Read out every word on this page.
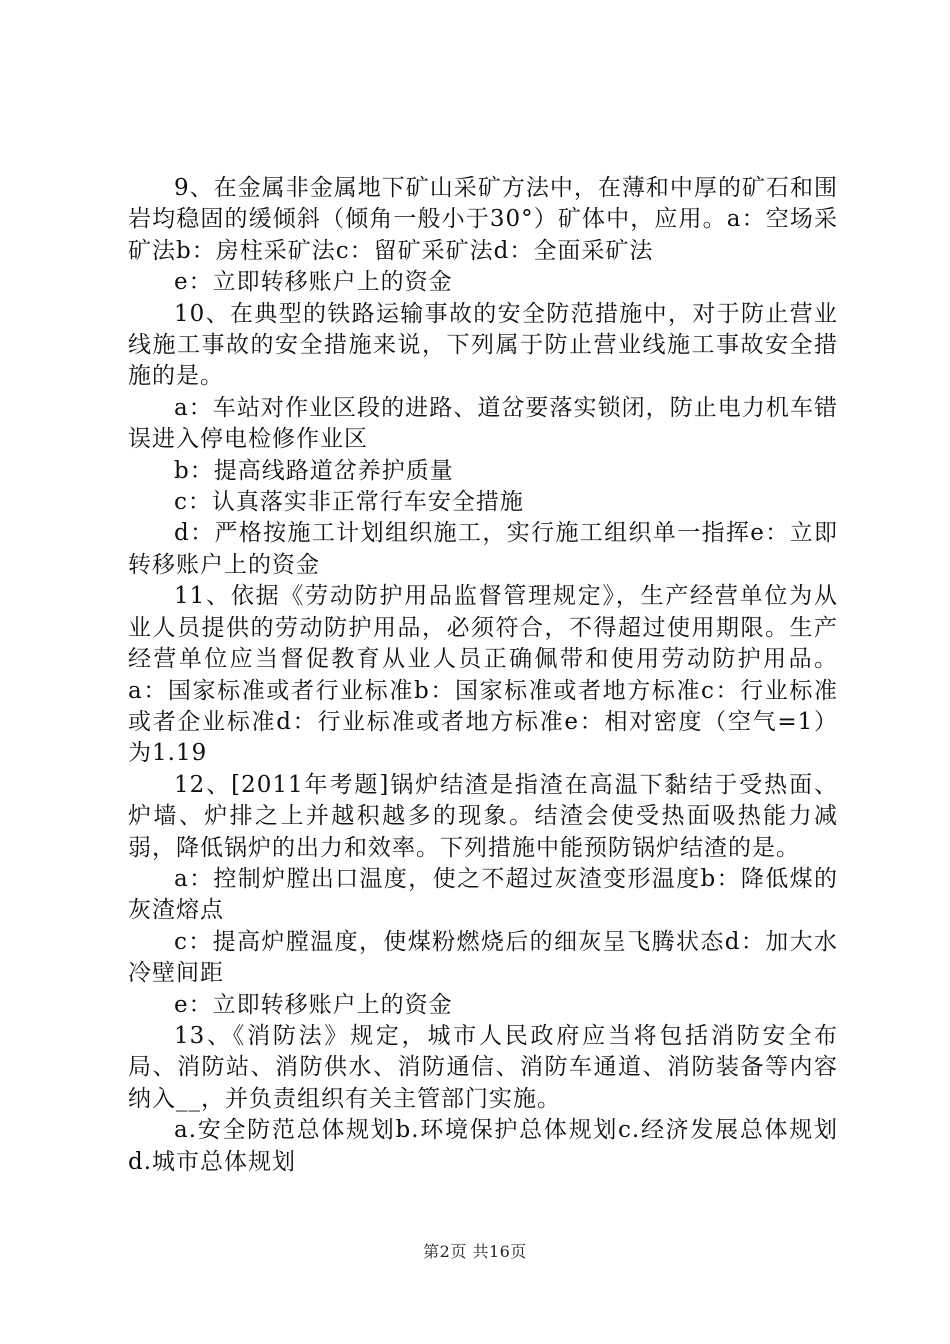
9、在金属非金属地下矿山采矿方法中，在薄和中厚的矿石和围岩均稳固的缓倾斜（倾角一般小于30°）矿体中，应用。a：空场采矿法b：房柱采矿法c：留矿采矿法d：全面采矿法

e：立即转移账户上的资金

10、在典型的铁路运输事故的安全防范措施中，对于防止营业线施工事故的安全措施来说，下列属于防止营业线施工事故安全措施的是。

a：车站对作业区段的进路、道岔要落实锁闭，防止电力机车错误进入停电检修作业区

b：提高线路道岔养护质量

c：认真落实非正常行车安全措施

d：严格按施工计划组织施工，实行施工组织单一指挥e：立即转移账户上的资金

11、依据《劳动防护用品监督管理规定》，生产经营单位为从业人员提供的劳动防护用品，必须符合，不得超过使用期限。生产经营单位应当督促教育从业人员正确佩带和使用劳动防护用品。a：国家标准或者行业标准b：国家标准或者地方标准c：行业标准或者企业标准d：行业标准或者地方标准e：相对密度（空气=1）为1.19

12、[2011年考题]锅炉结渣是指渣在高温下黏结于受热面、炉墙、炉排之上并越积越多的现象。结渣会使受热面吸热能力减弱，降低锅炉的出力和效率。下列措施中能预防锅炉结渣的是。

a：控制炉膛出口温度，使之不超过灰渣变形温度b：降低煤的灰渣熔点

c：提高炉膛温度，使煤粉燃烧后的细灰呈飞腾状态d：加大水冷壁间距

e：立即转移账户上的资金

13、《消防法》规定，城市人民政府应当将包括消防安全布局、消防站、消防供水、消防通信、消防车通道、消防装备等内容纳入__，并负责组织有关主管部门实施。

a.安全防范总体规划b.环境保护总体规划c.经济发展总体规划d.城市总体规划

第2页 共16页
